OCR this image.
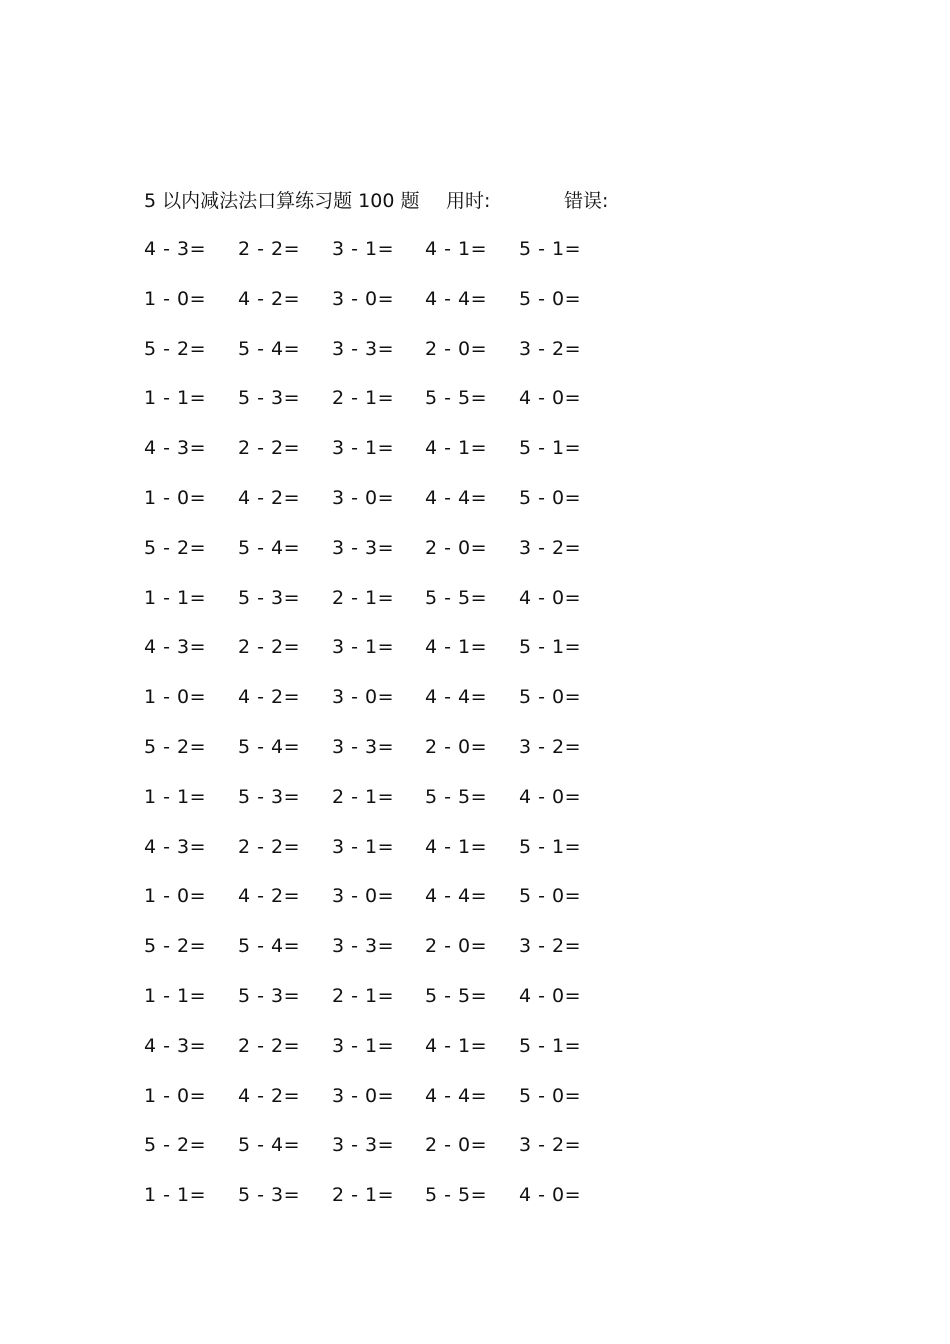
5 以内减法法口算练习题 100 题 用时:	错误:
4 - 3= 2 - 2= 3 - 1= 4 - 1= 5 - 1=
1 - 0= 4 - 2= 3 - 0= 4 - 4= 5 - 0=
5 - 2= 5 - 4= 3 - 3= 2 - 0= 3 - 2=
1 - 1= 5 - 3= 2 - 1= 5 - 5= 4 - 0=
4 - 3= 2 - 2= 3 - 1= 4 - 1= 5 - 1=
1 - 0= 4 - 2= 3 - 0= 4 - 4= 5 - 0=
5 - 2= 5 - 4= 3 - 3= 2 - 0= 3 - 2=
1 - 1= 5 - 3= 2 - 1= 5 - 5= 4 - 0=
4 - 3= 2 - 2= 3 - 1= 4 - 1= 5 - 1=
1 - 0= 4 - 2= 3 - 0= 4 - 4= 5 - 0=
5 - 2= 5 - 4= 3 - 3= 2 - 0= 3 - 2=
1 - 1= 5 - 3= 2 - 1= 5 - 5= 4 - 0=
4 - 3= 2 - 2= 3 - 1= 4 - 1= 5 - 1=
1 - 0= 4 - 2= 3 - 0= 4 - 4= 5 - 0=
5 - 2= 5 - 4= 3 - 3= 2 - 0= 3 - 2=
1 - 1= 5 - 3= 2 - 1= 5 - 5= 4 - 0=
4 - 3= 2 - 2= 3 - 1= 4 - 1= 5 - 1=
1 - 0= 4 - 2= 3 - 0= 4 - 4= 5 - 0=
5 - 2= 5 - 4= 3 - 3= 2 - 0= 3 - 2=
1 - 1= 5 - 3= 2 - 1= 5 - 5= 4 - 0=
